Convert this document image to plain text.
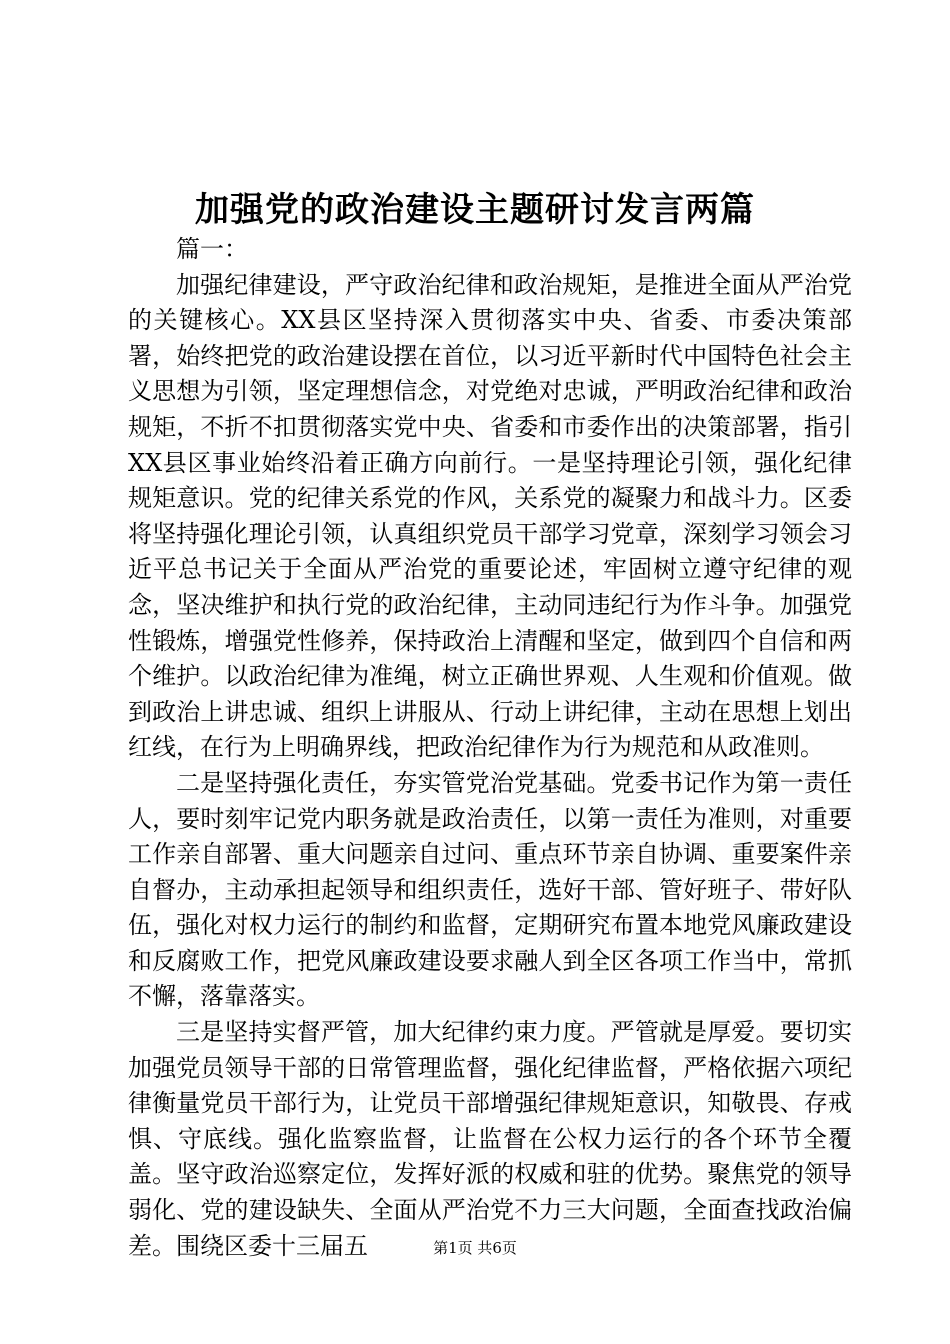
加强党的政治建设主题研讨发言两篇

篇一：

加强纪律建设，严守政治纪律和政治规矩，是推进全面从严治党的关键核心。XX县区坚持深入贯彻落实中央、省委、市委决策部署，始终把党的政治建设摆在首位，以习近平新时代中国特色社会主义思想为引领，坚定理想信念，对党绝对忠诚，严明政治纪律和政治规矩，不折不扣贯彻落实党中央、省委和市委作出的决策部署，指引XX县区事业始终沿着正确方向前行。一是坚持理论引领，强化纪律规矩意识。党的纪律关系党的作风，关系党的凝聚力和战斗力。区委将坚持强化理论引领，认真组织党员干部学习党章，深刻学习领会习近平总书记关于全面从严治党的重要论述，牢固树立遵守纪律的观念，坚决维护和执行党的政治纪律，主动同违纪行为作斗争。加强党性锻炼，增强党性修养，保持政治上清醒和坚定，做到四个自信和两个维护。以政治纪律为准绳，树立正确世界观、人生观和价值观。做到政治上讲忠诚、组织上讲服从、行动上讲纪律，主动在思想上划出红线，在行为上明确界线，把政治纪律作为行为规范和从政准则。

二是坚持强化责任，夯实管党治党基础。党委书记作为第一责任人，要时刻牢记党内职务就是政治责任，以第一责任为准则，对重要工作亲自部署、重大问题亲自过问、重点环节亲自协调、重要案件亲自督办，主动承担起领导和组织责任，选好干部、管好班子、带好队伍，强化对权力运行的制约和监督，定期研究布置本地党风廉政建设和反腐败工作，把党风廉政建设要求融人到全区各项工作当中，常抓不懈，落靠落实。

三是坚持实督严管，加大纪律约束力度。严管就是厚爱。要切实加强党员领导干部的日常管理监督，强化纪律监督，严格依据六项纪律衡量党员干部行为，让党员干部增强纪律规矩意识，知敬畏、存戒惧、守底线。强化监察监督，让监督在公权力运行的各个环节全覆盖。坚守政治巡察定位，发挥好派的权威和驻的优势。聚焦党的领导弱化、党的建设缺失、全面从严治党不力三大问题，全面查找政治偏差。围绕区委十三届五	第1页 共6页
